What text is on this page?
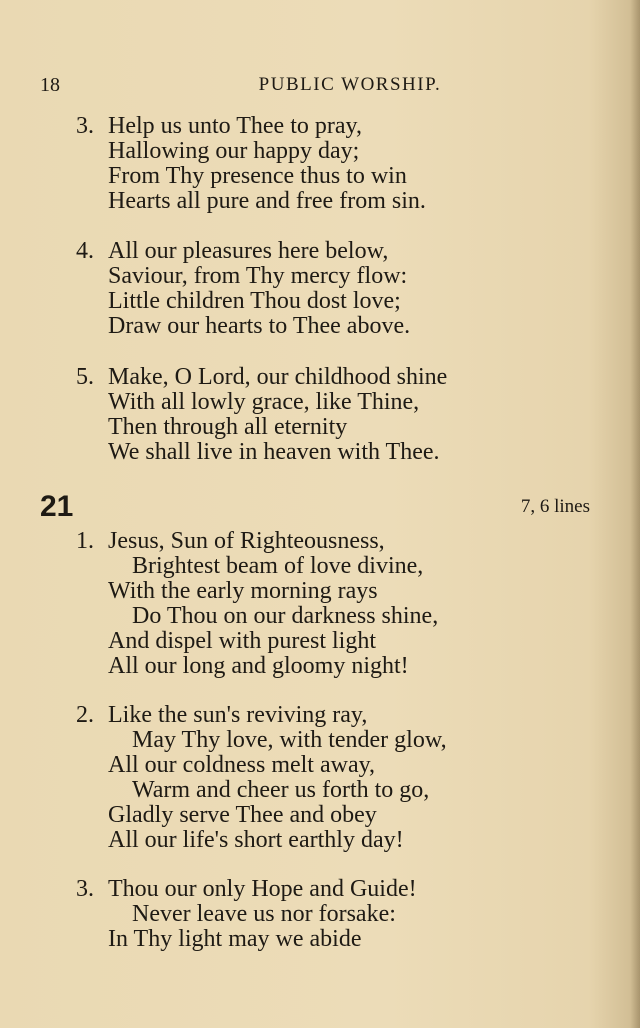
18	PUBLIC WORSHIP.
3. Help us unto Thee to pray,
Hallowing our happy day;
From Thy presence thus to win
Hearts all pure and free from sin.
4. All our pleasures here below,
Saviour, from Thy mercy flow:
Little children Thou dost love;
Draw our hearts to Thee above.
5. Make, O Lord, our childhood shine
With all lowly grace, like Thine,
Then through all eternity
We shall live in heaven with Thee.
21	7, 6 lines
1. Jesus, Sun of Righteousness,
Brightest beam of love divine,
With the early morning rays
Do Thou on our darkness shine,
And dispel with purest light
All our long and gloomy night!
2. Like the sun's reviving ray,
May Thy love, with tender glow,
All our coldness melt away,
Warm and cheer us forth to go,
Gladly serve Thee and obey
All our life's short earthly day!
3. Thou our only Hope and Guide!
Never leave us nor forsake:
In Thy light may we abide
